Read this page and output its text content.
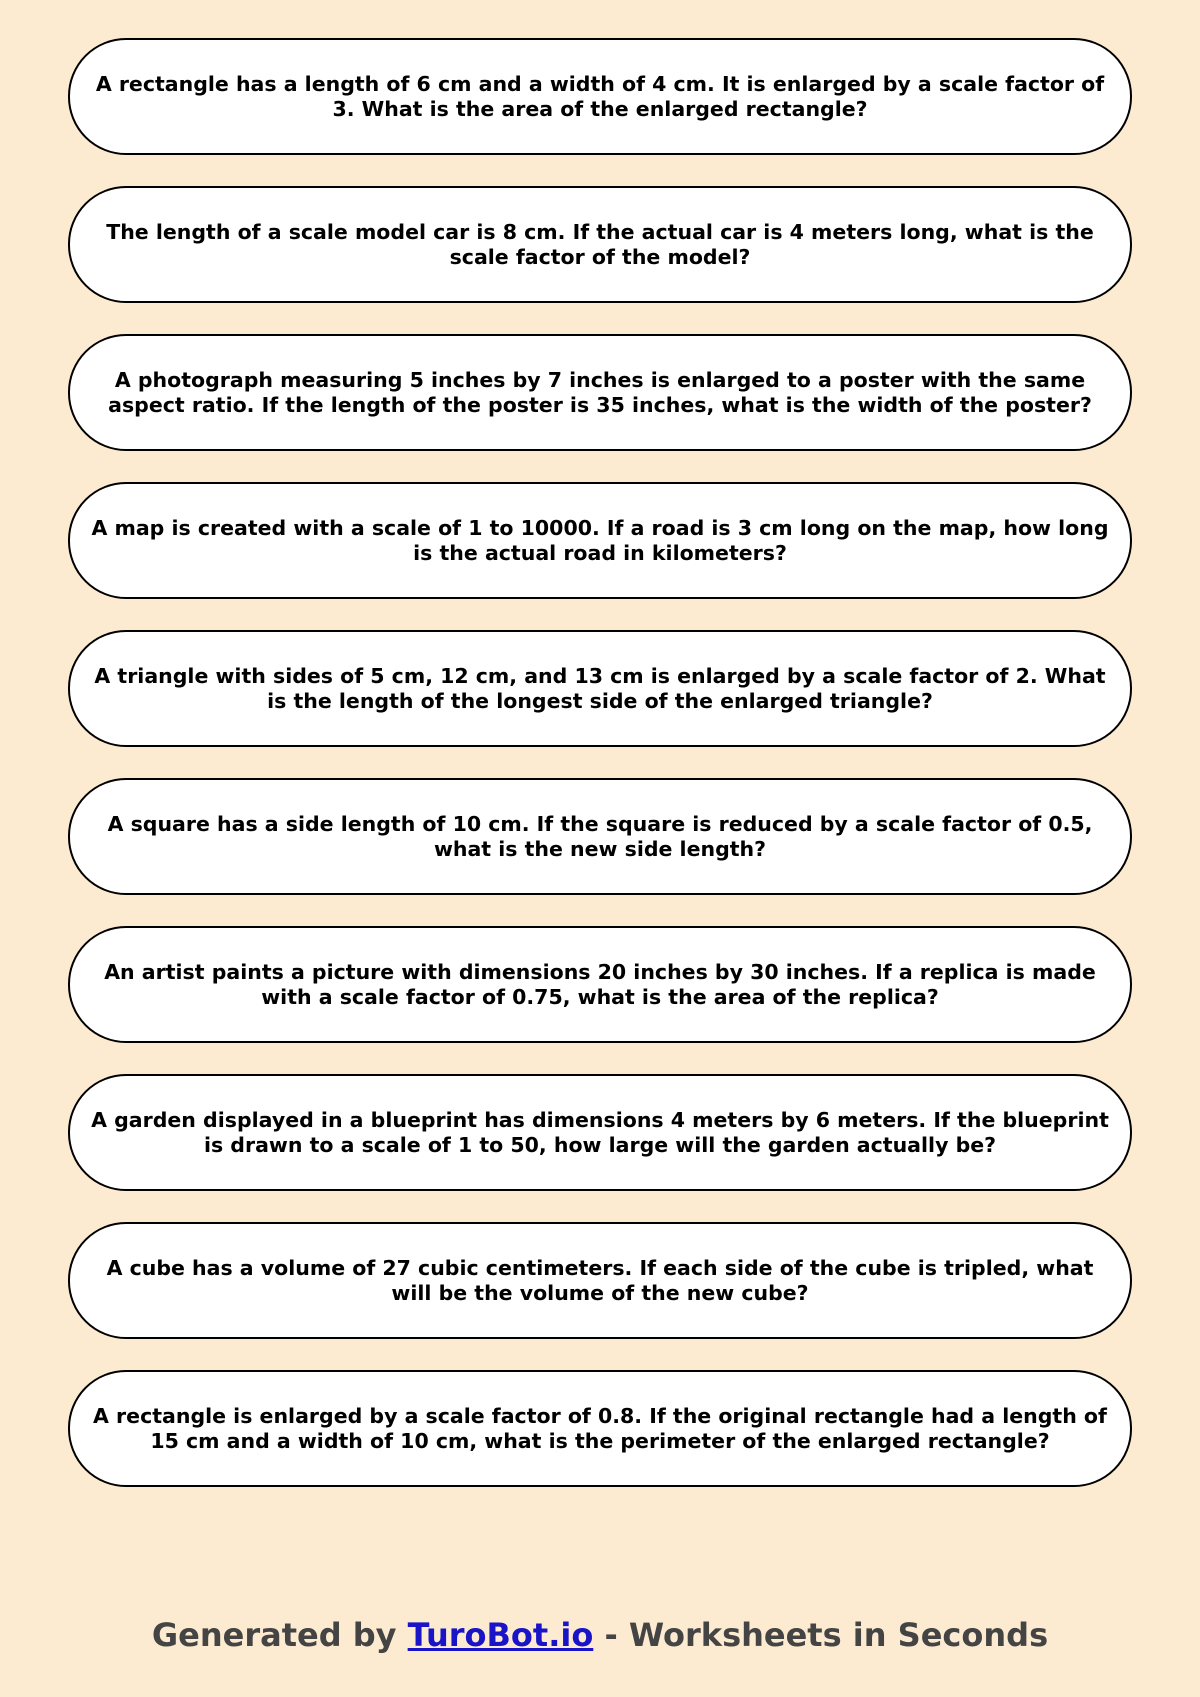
A rectangle has a length of 6 cm and a width of 4 cm. It is enlarged by a scale factor of 3. What is the area of the enlarged rectangle?
The length of a scale model car is 8 cm. If the actual car is 4 meters long, what is the scale factor of the model?
A photograph measuring 5 inches by 7 inches is enlarged to a poster with the same aspect ratio. If the length of the poster is 35 inches, what is the width of the poster?
A map is created with a scale of 1 to 10000. If a road is 3 cm long on the map, how long is the actual road in kilometers?
A triangle with sides of 5 cm, 12 cm, and 13 cm is enlarged by a scale factor of 2. What is the length of the longest side of the enlarged triangle?
A square has a side length of 10 cm. If the square is reduced by a scale factor of 0.5, what is the new side length?
An artist paints a picture with dimensions 20 inches by 30 inches. If a replica is made with a scale factor of 0.75, what is the area of the replica?
A garden displayed in a blueprint has dimensions 4 meters by 6 meters. If the blueprint is drawn to a scale of 1 to 50, how large will the garden actually be?
A cube has a volume of 27 cubic centimeters. If each side of the cube is tripled, what will be the volume of the new cube?
A rectangle is enlarged by a scale factor of 0.8. If the original rectangle had a length of 15 cm and a width of 10 cm, what is the perimeter of the enlarged rectangle?
Generated by TuroBot.io - Worksheets in Seconds
